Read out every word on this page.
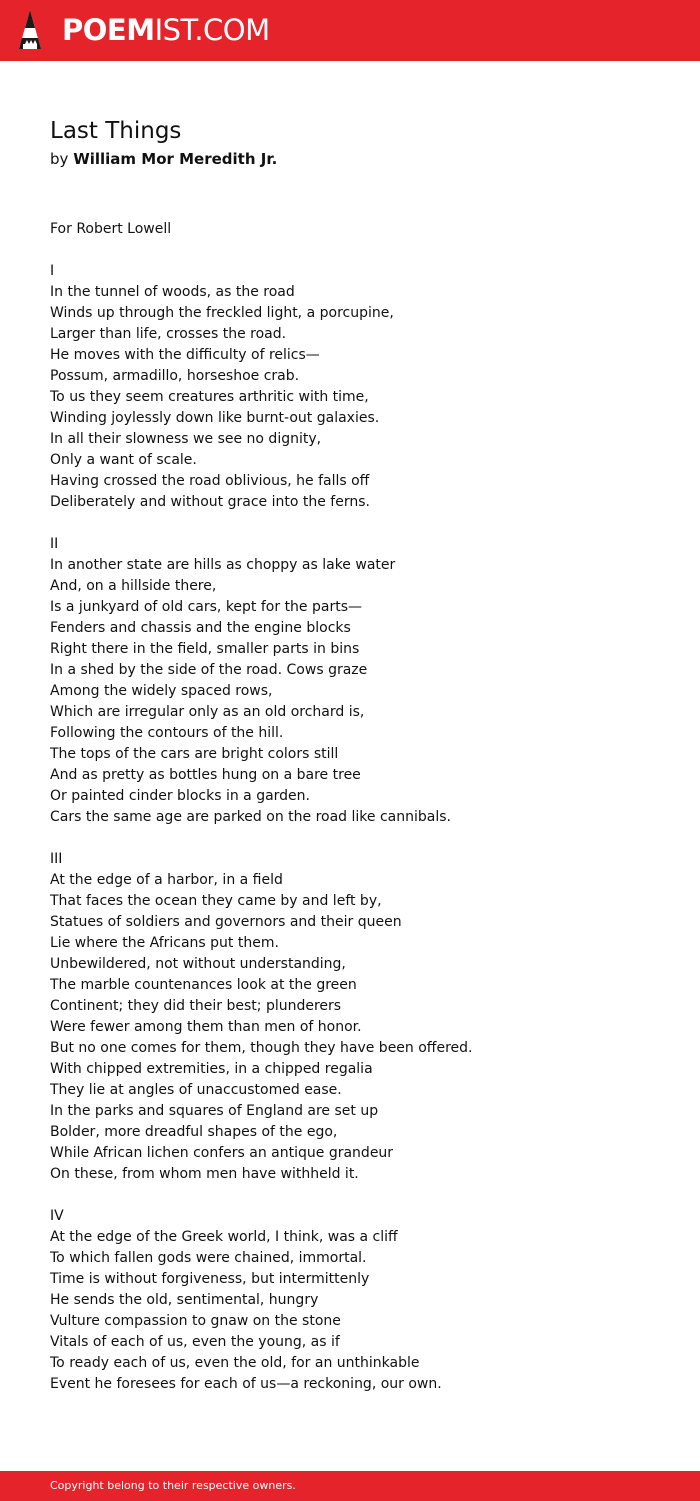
POEMIST.COM
Last Things
by William Mor Meredith Jr.
For Robert Lowell
I
In the tunnel of woods, as the road
Winds up through the freckled light, a porcupine,
Larger than life, crosses the road.
He moves with the difficulty of relics—
Possum, armadillo, horseshoe crab.
To us they seem creatures arthritic with time,
Winding joylessly down like burnt-out galaxies.
In all their slowness we see no dignity,
Only a want of scale.
Having crossed the road oblivious, he falls off
Deliberately and without grace into the ferns.
II
In another state are hills as choppy as lake water
And, on a hillside there,
Is a junkyard of old cars, kept for the parts—
Fenders and chassis and the engine blocks
Right there in the field, smaller parts in bins
In a shed by the side of the road. Cows graze
Among the widely spaced rows,
Which are irregular only as an old orchard is,
Following the contours of the hill.
The tops of the cars are bright colors still
And as pretty as bottles hung on a bare tree
Or painted cinder blocks in a garden.
Cars the same age are parked on the road like cannibals.
III
At the edge of a harbor, in a field
That faces the ocean they came by and left by,
Statues of soldiers and governors and their queen
Lie where the Africans put them.
Unbewildered, not without understanding,
The marble countenances look at the green
Continent; they did their best; plunderers
Were fewer among them than men of honor.
But no one comes for them, though they have been offered.
With chipped extremities, in a chipped regalia
They lie at angles of unaccustomed ease.
In the parks and squares of England are set up
Bolder, more dreadful shapes of the ego,
While African lichen confers an antique grandeur
On these, from whom men have withheld it.
IV
At the edge of the Greek world, I think, was a cliff
To which fallen gods were chained, immortal.
Time is without forgiveness, but intermittenly
He sends the old, sentimental, hungry
Vulture compassion to gnaw on the stone
Vitals of each of us, even the young, as if
To ready each of us, even the old, for an unthinkable
Event he foresees for each of us—a reckoning, our own.
Copyright belong to their respective owners.
